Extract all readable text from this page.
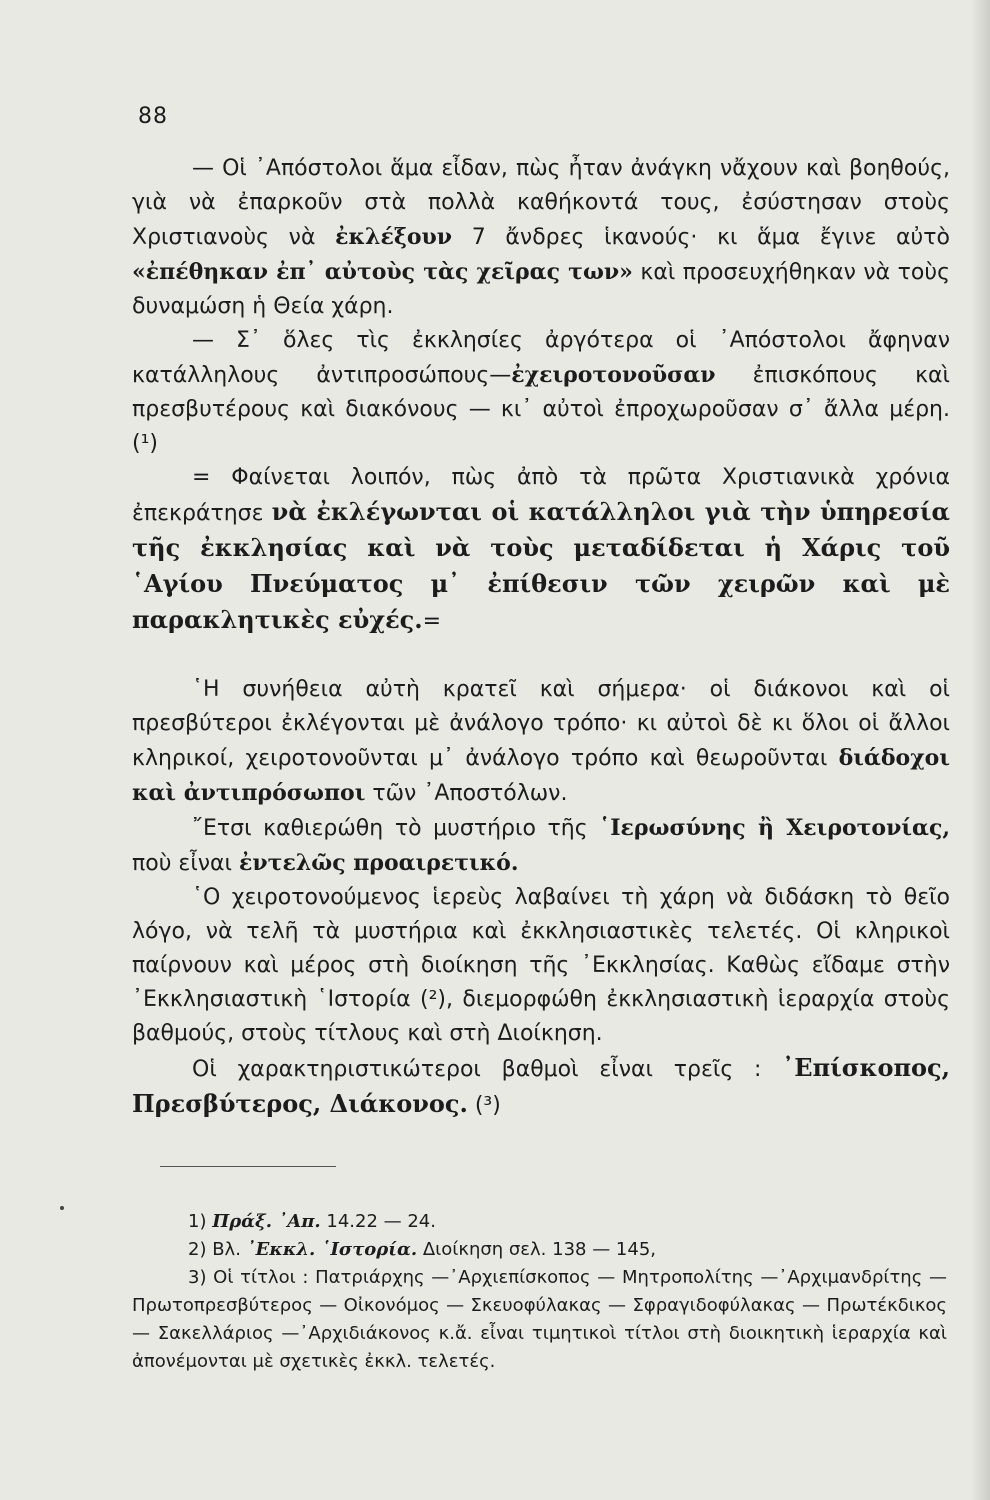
88

— Οἱ ᾿Απόστολοι ἅμα εἶδαν, πὼς ἦταν ἀνάγκη νἄχουν καὶ βοηθούς, γιὰ νὰ ἐπαρκοῦν στὰ πολλὰ καθήκοντά τους, ἐσύστησαν στοὺς Χριστιανοὺς νὰ ἐκλέξουν 7 ἄνδρες ἱκανούς· κι ἅμα ἔγινε αὐτὸ «ἐπέθηκαν ἐπ᾿ αὐτοὺς τὰς χεῖρας των» καὶ προσευχήθηκαν νὰ τοὺς δυναμώση ἡ Θεία χάρη.

— Σ᾿ ὅλες τὶς ἐκκλησίες ἀργότερα οἱ ᾿Απόστολοι ἄφηναν κατάλληλους ἀντιπροσώπους—ἐχειροτονοῦσαν ἐπισκόπους καὶ πρεσβυτέρους καὶ διακόνους — κι᾿ αὐτοὶ ἐπροχωροῦσαν σ᾿ ἄλλα μέρη. (¹)

= Φαίνεται λοιπόν, πὼς ἀπὸ τὰ πρῶτα Χριστιανικὰ χρόνια ἐπεκράτησε νὰ ἐκλέγωνται οἱ κατάλληλοι γιὰ τὴν ὑπηρεσία τῆς ἐκκλησίας καὶ νὰ τοὺς μεταδίδεται ἡ Χάρις τοῦ ῾Αγίου Πνεύματος μ᾿ ἐπίθεσιν τῶν χειρῶν καὶ μὲ παρακλητικὲς εὐχές.=

῾Η συνήθεια αὐτὴ κρατεῖ καὶ σήμερα· οἱ διάκονοι καὶ οἱ πρεσβύτεροι ἐκλέγονται μὲ ἀνάλογο τρόπο· κι αὐτοὶ δὲ κι ὅλοι οἱ ἄλλοι κληρικοί, χειροτονοῦνται μ᾿ ἀνάλογο τρόπο καὶ θεωροῦνται διάδοχοι καὶ ἀντιπρόσωποι τῶν ᾿Αποστόλων.

῎Ετσι καθιερώθη τὸ μυστήριο τῆς ῾Ιερωσύνης ἢ Χειροτονίας, ποὺ εἶναι ἐντελῶς προαιρετικό.

῾Ο χειροτονούμενος ἱερεὺς λαβαίνει τὴ χάρη νὰ διδάσκη τὸ θεῖο λόγο, νὰ τελῆ τὰ μυστήρια καὶ ἐκκλησιαστικὲς τελετές. Οἱ κληρικοὶ παίρνουν καὶ μέρος στὴ διοίκηση τῆς ᾿Εκκλησίας. Καθὼς εἴδαμε στὴν ᾿Εκκλησιαστικὴ ῾Ιστορία (²), διεμορφώθη ἐκκλησιαστικὴ ἱεραρχία στοὺς βαθμούς, στοὺς τίτλους καὶ στὴ Διοίκηση.

Οἱ χαρακτηριστικώτεροι βαθμοὶ εἶναι τρεῖς : ᾿Επίσκοπος, Πρεσβύτερος, Διάκονος. (³)

1) Πράξ. ᾿Απ. 14.22 — 24.

2) Βλ. ᾿Εκκλ. ῾Ιστορία. Διοίκηση σελ. 138 — 145,

3) Οἱ τίτλοι : Πατριάρχης —᾿Αρχιεπίσκοπος — Μητροπολίτης —᾿Αρχιμανδρίτης — Πρωτοπρεσβύτερος — Οἰκονόμος — Σκευοφύλακας — Σφραγιδοφύλακας — Πρωτέκδικος — Σακελλάριος —᾿Αρχιδιάκονος κ.ἄ. εἶναι τιμητικοὶ τίτλοι στὴ διοικητικὴ ἱεραρχία καὶ ἀπονέμονται μὲ σχετικὲς ἐκκλ. τελετές.
